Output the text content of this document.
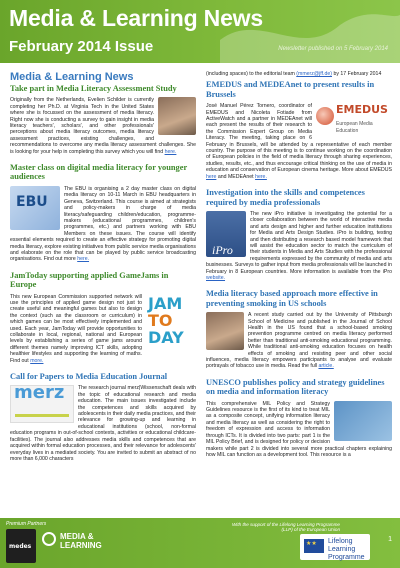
Media & Learning News
February 2014 Issue	Newsletter published on 5 February 2014
Media & Learning News
Take part in Media Literacy Assessment Study

Originally from the Netherlands, Evelien Schilder is currently completing her Ph.D. at Virginia Tech in the United States where she is focussed on the assessment of media literacy. Right now she is conducting a survey to gain insight in media literacy teachers', scholars', and other professionals' perceptions about media literacy outcomes, media literacy assessment practices, existing challenges, and recommendations to overcome any media literacy assessment challenges. She is looking for your help in completing this survey which you will find here.

Master class on digital media literacy for younger audiences
EBU

The EBU is organising a 2 day master class on digital media literacy on 10-11 March in EBU headquarters in Geneva, Switzerland. This course is aimed at strategists and policy-makers in charge of media literacy/safeguarding children/education, programme-makers (educational programmes, children's programmes, etc.) and partners working with EBU Members on these issues. The course will identify essential elements required to create an effective strategy for promoting digital media literacy, explore existing initiatives from public service media organisations and elaborate on the role that can be played by public service broadcasting organisations. Find out more here.

JamToday supporting applied GameJams in Europe
JAM
TO
DAY

This new European Commission supported network will use the principles of applied game design not just to create useful and meaningful games but also to design the context (such as the classroom or curriculum) in which games can be most effectively implemented and used. Each year, JamToday will provide opportunities to collaborate in local, regional, national and European levels by establishing a series of game jams around different themes namely improving ICT skills, adopting healthier lifestyles and supporting the learning of maths. Find out more.

Call for Papers to Media Education Journal
merz	The research journal merz|Wissenschaft deals with the topic of educational research and media education. The main issues investigated include the competences and skills acquired by adolescents in their daily media practices, and their relevance for growing-up and learning in educational institutions (school, non-formal education programs in out-of-school contexts, activities or educational childcare-facilities). The journal also addresses media skills and competences that are acquired within formal education processes, and their relevance for adolescents' everyday lives in a mediated society. You are invited to submit an abstract of no more than 6,000 characters

(including spaces) to the editorial team (mmerz@jff.de) by 17 February 2014

EMEDUS and MEDEAnet to present results in Brussels
EMEDUS
European Media Education

José Manuel Pérez Tornero, coordinator of EMEDUS and Nicoleta Fotiade from ActiveWatch and a partner in MEDEAnet will each present the results of their research to the Commission Expert Group on Media Literacy. The meeting, taking place on 6 February in Brussels, will be attended by a representative of each member country. The purpose of this meeting is to continue working on the coordination of European policies in the field of media literacy through sharing experiences, studies, results, etc., and thus encourage critical thinking on the use of media in education and conservation of European cinema heritage. More about EMEDUS here and MEDEAnet here.

Investigation into the skills and competences required by media professionals
iPro

The new iPro initiative is investigating the potential for a closer collaboration between the world of interactive media and arts design and higher and further education institutions for Media and Arts Design Studies. iPro is building, testing and then distributing a research based model framework that will assist the education sector to match the curriculum of their students in Media and Arts Studies with the professional requirements expressed by the community of media and arts businesses. Surveys to gather input from media professionals will be launched in February in 8 European countries. More information is available from the iPro website.

Media literacy based approach more effective in preventing smoking in US schools

A recent study carried out by the University of Pittsburgh School of Medicine and published in the Journal of School Health in the US found that a school-based smoking prevention programme centred on media literacy performed better than traditional anti-smoking educational programming. While traditional anti-smoking education focuses on health effects of smoking and resisting peer and other social influences, media literacy empowers participants to analyse and evaluate portrayals of tobacco use in media. Read the full article.

UNESCO publishes policy and strategy guidelines on media and information literacy

This comprehensive MIL Policy and Strategy Guidelines resource is the first of its kind to treat MIL as a composite concept, unifying information literacy and media literacy as well as considering the right to freedom of expression and access to information through ICTs. It is divided into two parts: part 1 is the MIL Policy Brief, and is designed for policy or decision makers while part 2 is divided into several more practical chapters explaining how MIL can function as a development tool. This resource is a

Premium Partners
medes
MEDIA & LEARNING
With the support of the Lifelong Learning Programme (LLP) of the European Union
★★
Lifelong Learning Programme
1
